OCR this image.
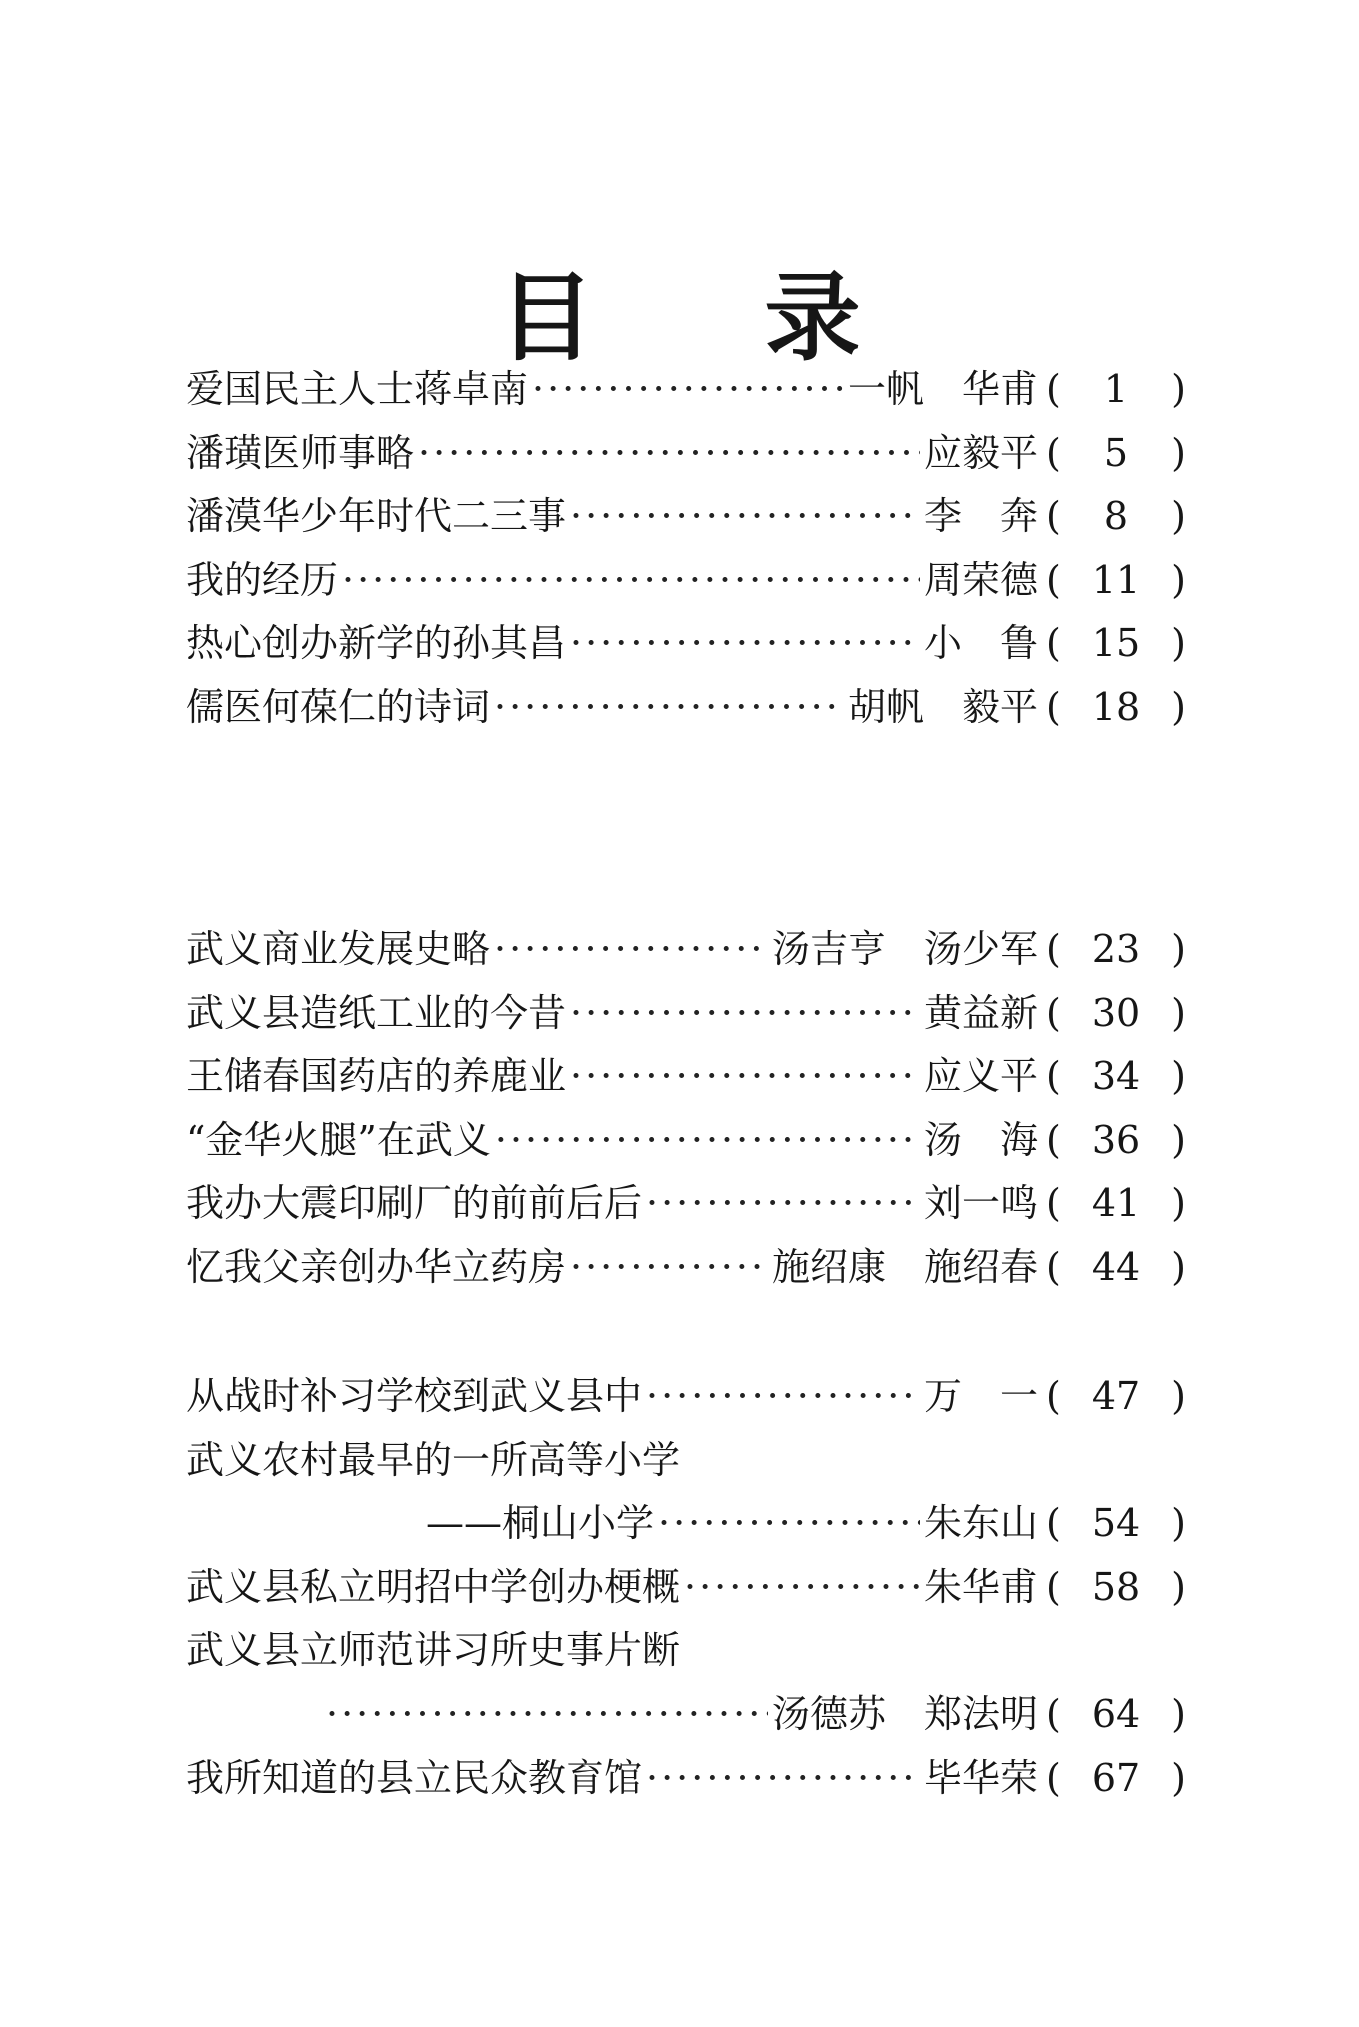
目 录
爱国民主人士蒋卓南 ·····	一帆　华甫 (	1	)
潘璜医师事略 ·····	应毅平 (	5	)
潘漠华少年时代二三事 ·····	李　奔 (	8	)
我的经历 ·····	周荣德 ( 11 )
热心创办新学的孙其昌 ·····	小　鲁 ( 15 )
儒医何葆仁的诗词 ·····	胡帆　毅平 ( 18 )
武义商业发展史略 ·····	汤吉亨　汤少军 ( 23 )
武义县造纸工业的今昔 ·····	黄益新 ( 30 )
王储春国药店的养鹿业 ·····	应义平 ( 34 )
“金华火腿”在武义 ·····	汤　海 ( 36 )
我办大震印刷厂的前前后后 ·····	刘一鸣 ( 41 )
忆我父亲创办华立药房 ·····	施绍康　施绍春 ( 44 )
从战时补习学校到武义县中 ·····	万　一 ( 47 )
武义农村最早的一所高等小学
——桐山小学 ·····	朱东山 ( 54 )
武义县私立明招中学创办梗概 ·····	朱华甫 ( 58 )
武义县立师范讲习所史事片断
·····
汤德苏　郑法明 ( 64 )
我所知道的县立民众教育馆 ·····	毕华荣 ( 67 )
